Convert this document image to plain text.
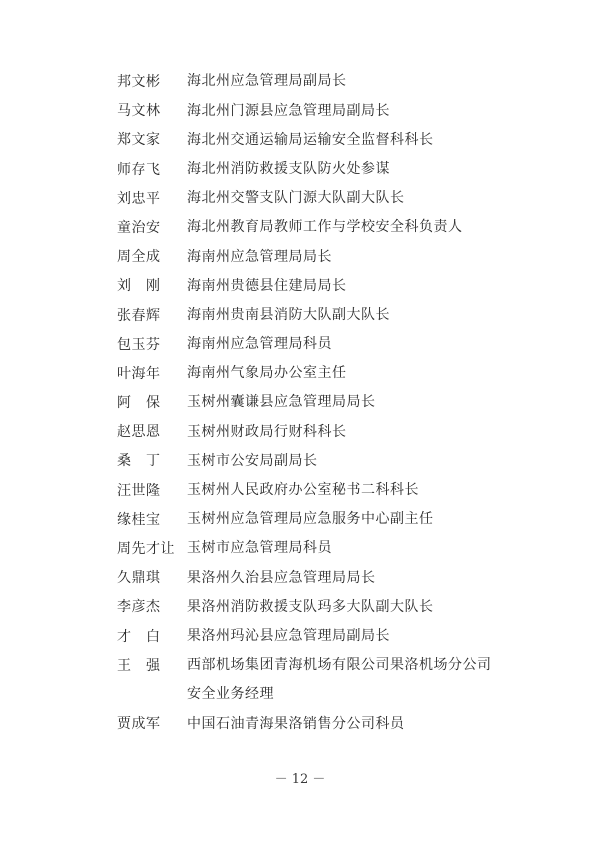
邦文彬	海北州应急管理局副局长
马文林	海北州门源县应急管理局副局长
郑文家	海北州交通运输局运输安全监督科科长
师存飞	海北州消防救援支队防火处参谋
刘忠平	海北州交警支队门源大队副大队长
童治安	海北州教育局教师工作与学校安全科负责人
周全成	海南州应急管理局局长
刘　刚	海南州贵德县住建局局长
张春辉	海南州贵南县消防大队副大队长
包玉芬	海南州应急管理局科员
叶海年	海南州气象局办公室主任
阿　保	玉树州囊谦县应急管理局局长
赵思恩	玉树州财政局行财科科长
桑　丁	玉树市公安局副局长
汪世隆	玉树州人民政府办公室秘书二科科长
缘桂宝	玉树州应急管理局应急服务中心副主任
周先才让 玉树市应急管理局科员
久鼎琪	果洛州久治县应急管理局局长
李彦杰	果洛州消防救援支队玛多大队副大队长
才　白	果洛州玛沁县应急管理局副局长
王　强	西部机场集团青海机场有限公司果洛机场分公司安全业务经理
贾成军	中国石油青海果洛销售分公司科员
－ 12 －
